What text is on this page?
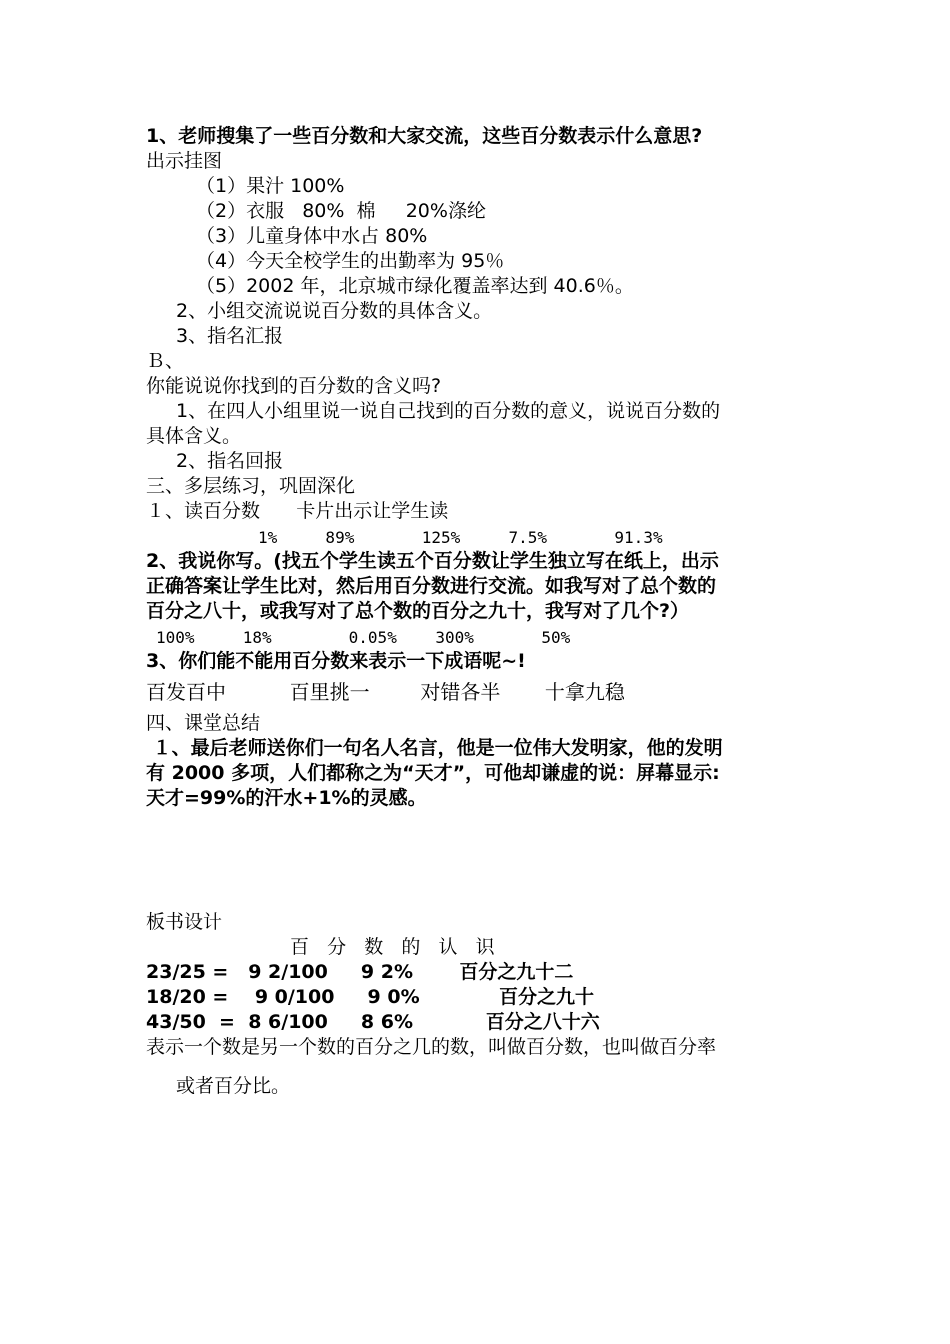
1、老师搜集了一些百分数和大家交流，这些百分数表示什么意思?
出示挂图
（1）果汁 100%
（2）衣服   80%  棉     20%涤纶
（3）儿童身体中水占 80%
（4）今天全校学生的出勤率为 95％
（5）2002 年，北京城市绿化覆盖率达到 40.6％。
2、小组交流说说百分数的具体含义。
3、指名汇报
Ｂ、
你能说说你找到的百分数的含义吗?
1、在四人小组里说一说自己找到的百分数的意义，说说百分数的
具体含义。
2、指名回报
三、多层练习，巩固深化
１、读百分数      卡片出示让学生读
1%     89%       125%     7.5%       91.3%
2、我说你写。(找五个学生读五个百分数让学生独立写在纸上，出示
正确答案让学生比对，然后用百分数进行交流。如我写对了总个数的
百分之八十，或我写对了总个数的百分之九十，我写对了几个?）
100%     18%        0.05%    300%       50%
3、你们能不能用百分数来表示一下成语呢~!
百发百中          百里挑一        对错各半       十拿九稳
四、课堂总结
１、最后老师送你们一句名人名言，他是一位伟大发明家，他的发明
有 2000 多项，人们都称之为“天才”，可他却谦虚的说：屏幕显示:
天才=99%的汗水+1%的灵感。
板书设计
百   分   数   的   认   识
23/25 =   9 2/100     9 2%       百分之九十二
18/20 =    9 0/100     9 0%            百分之九十
43/50  =  8 6/100     8 6%           百分之八十六
表示一个数是另一个数的百分之几的数，叫做百分数，也叫做百分率
或者百分比。
